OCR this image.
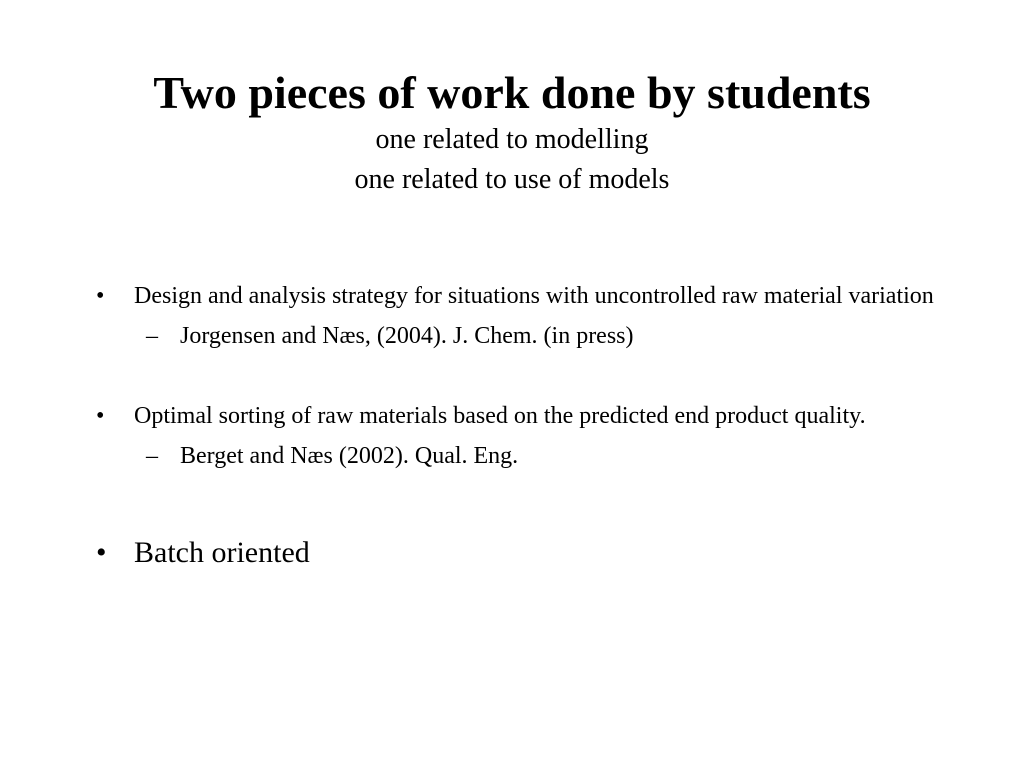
Two pieces of work done by students
one related to modelling
one related to use of models
• Design and analysis strategy for situations with uncontrolled raw material variation
– Jorgensen and Næs, (2004). J. Chem. (in press)
• Optimal sorting of raw materials based on the predicted end product quality.
– Berget and Næs (2002). Qual. Eng.
• Batch oriented
